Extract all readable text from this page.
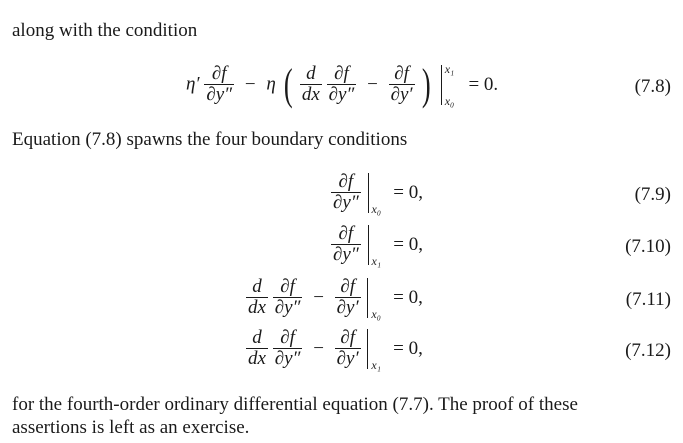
along with the condition
$\eta' \frac{\partial f}{\partial y''} - \eta$ ( $\frac{d}{dx}$
$\frac{\partial f}{\partial y''} - \frac{\partial f}{\partial y'}$ ) x₁
x₀
= 0.	(7.8)
Equation (7.8) spawns the four boundary conditions
$\frac{\partial f}{\partial y''}$
x₀
= 0,	(7.9)
$\frac{\partial f}{\partial y''}$
x₁
= 0,	(7.10)
$\frac{d}{dx}$
$\frac{\partial f}{\partial y''} - \frac{\partial f}{\partial y'}$
x₀
= 0,	(7.11)
$\frac{d}{dx}$
$\frac{\partial f}{\partial y''} - \frac{\partial f}{\partial y'}$
x₁
= 0,	(7.12)
for the fourth-order ordinary differential equation (7.7). The proof of these
assertions is left as an exercise.
